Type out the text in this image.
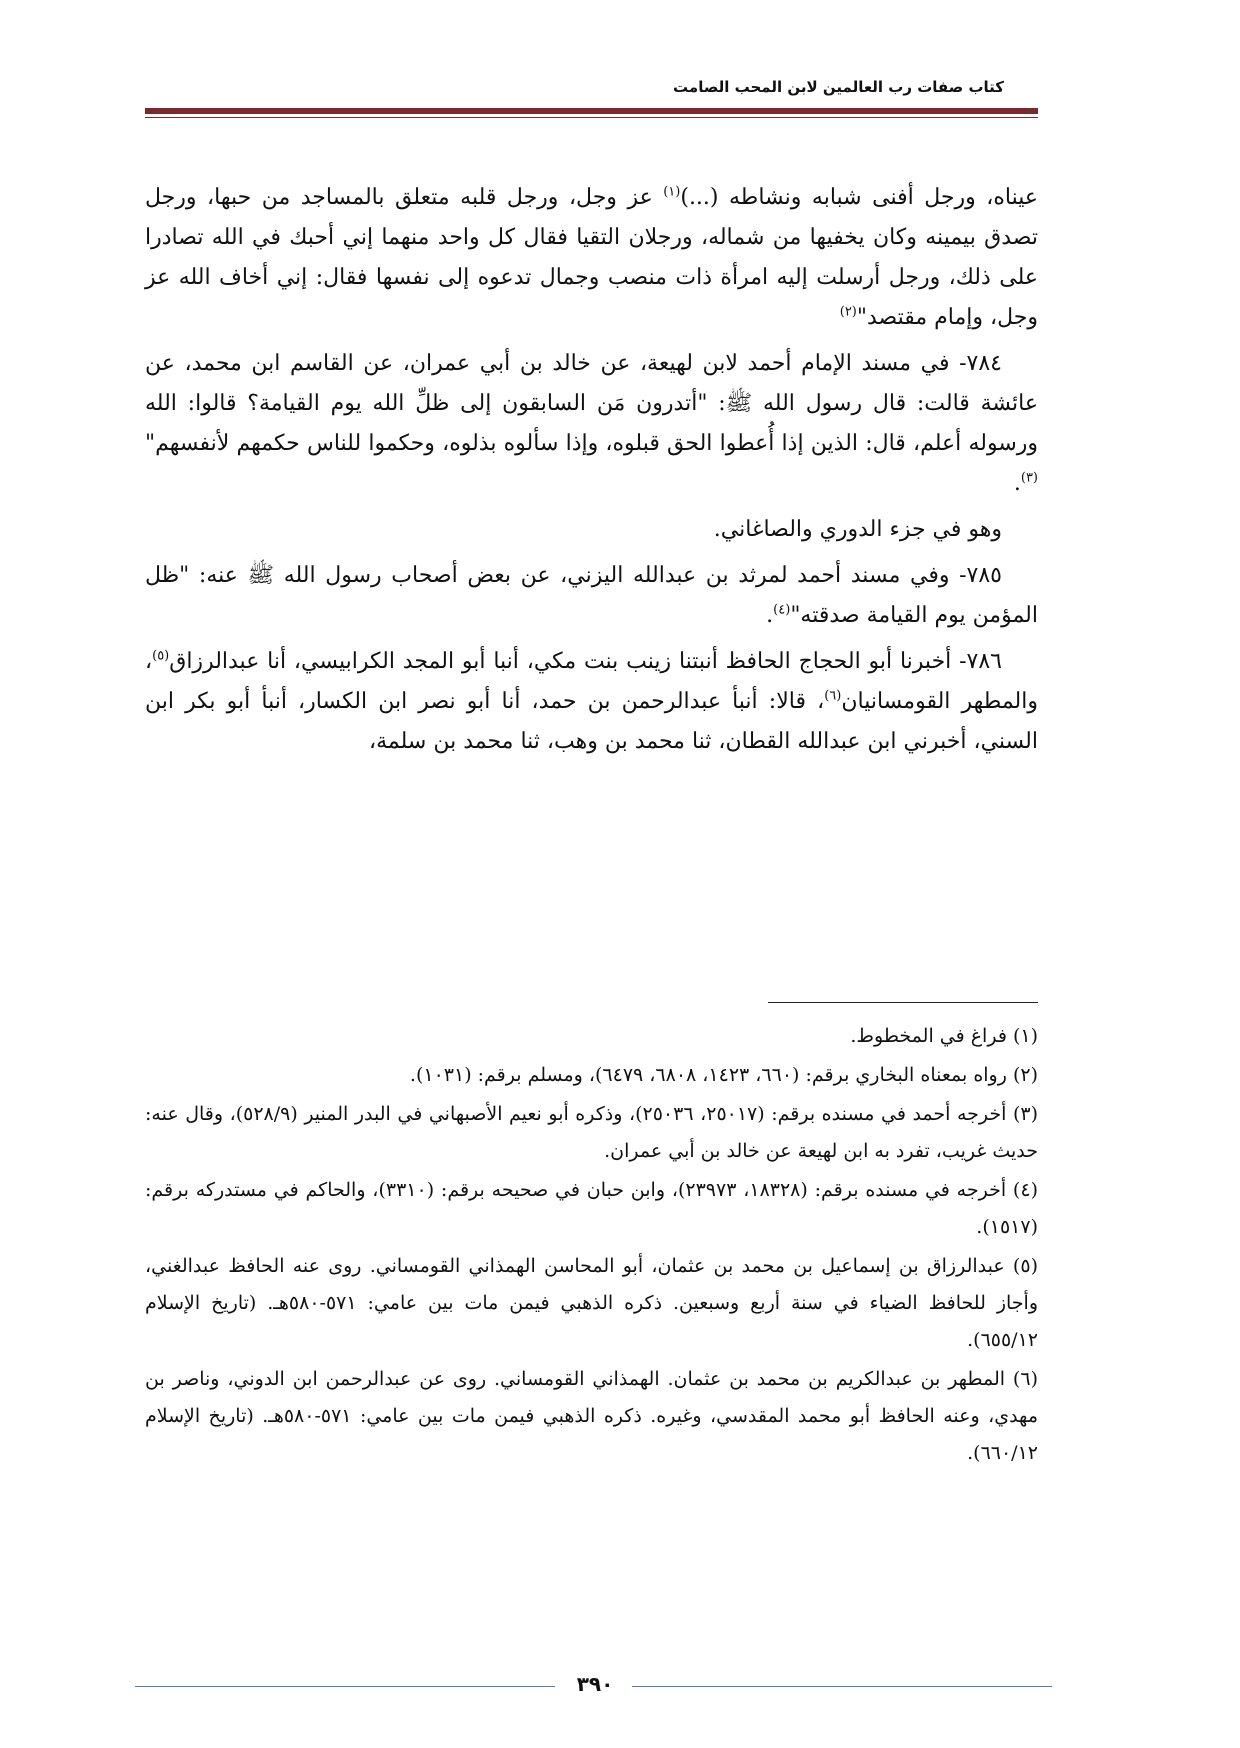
كتاب صفات رب العالمين لابن المحب الصامت

عيناه، ورجل أفنى شبابه ونشاطه (...)$^{(١)}$ عز وجل، ورجل قلبه متعلق بالمساجد من حبها، ورجل تصدق بيمينه وكان يخفيها من شماله، ورجلان التقيا فقال كل واحد منهما إني أحبك في الله تصادرا على ذلك، ورجل أرسلت إليه امرأة ذات منصب وجمال تدعوه إلى نفسها فقال: إني أخاف الله عز وجل، وإمام مقتصد"$^{(٢)}$

٧٨٤- في مسند الإمام أحمد لابن لهيعة، عن خالد بن أبي عمران، عن القاسم ابن محمد، عن عائشة قالت: قال رسول الله ﷺ: "أتدرون مَن السابقون إلى ظلِّ الله يوم القيامة؟ قالوا: الله ورسوله أعلم، قال: الذين إذا أُعطوا الحق قبلوه، وإذا سألوه بذلوه، وحكموا للناس حكمهم لأنفسهم"$^{(٣)}$.

وهو في جزء الدوري والصاغاني.

٧٨٥- وفي مسند أحمد لمرثد بن عبدالله اليزني، عن بعض أصحاب رسول الله ﷺ عنه: "ظل المؤمن يوم القيامة صدقته"$^{(٤)}$.

٧٨٦- أخبرنا أبو الحجاج الحافظ أنبتنا زينب بنت مكي، أنبا أبو المجد الكرابيسي، أنا عبدالرزاق$^{(٥)}$، والمطهر القومسانيان$^{(٦)}$، قالا: أنبأ عبدالرحمن بن حمد، أنا أبو نصر ابن الكسار، أنبأ أبو بكر ابن السني، أخبرني ابن عبدالله القطان، ثنا محمد بن وهب، ثنا محمد بن سلمة،

(١) فراغ في المخطوط.

(٢) رواه بمعناه البخاري برقم: (٦٦٠، ١٤٢٣، ٦٨٠٨، ٦٤٧٩)، ومسلم برقم: (١٠٣١).

(٣) أخرجه أحمد في مسنده برقم: (٢٥٠١٧، ٢٥٠٣٦)، وذكره أبو نعيم الأصبهاني في البدر المنير (٥٢٨/٩)، وقال عنه: حديث غريب، تفرد به ابن لهيعة عن خالد بن أبي عمران.

(٤) أخرجه في مسنده برقم: (١٨٣٢٨، ٢٣٩٧٣)، وابن حبان في صحيحه برقم: (٣٣١٠)، والحاكم في مستدركه برقم: (١٥١٧).

(٥) عبدالرزاق بن إسماعيل بن محمد بن عثمان، أبو المحاسن الهمذاني القومساني. روى عنه الحافظ عبدالغني، وأجاز للحافظ الضياء في سنة أربع وسبعين. ذكره الذهبي فيمن مات بين عامي: ٥٧١-٥٨٠هـ. (تاريخ الإسلام ٦٥٥/١٢).

(٦) المطهر بن عبدالكريم بن محمد بن عثمان. الهمذاني القومساني. روى عن عبدالرحمن ابن الدوني، وناصر بن مهدي، وعنه الحافظ أبو محمد المقدسي، وغيره. ذكره الذهبي فيمن مات بين عامي: ٥٧١-٥٨٠هـ. (تاريخ الإسلام ٦٦٠/١٢).

٣٩٠
